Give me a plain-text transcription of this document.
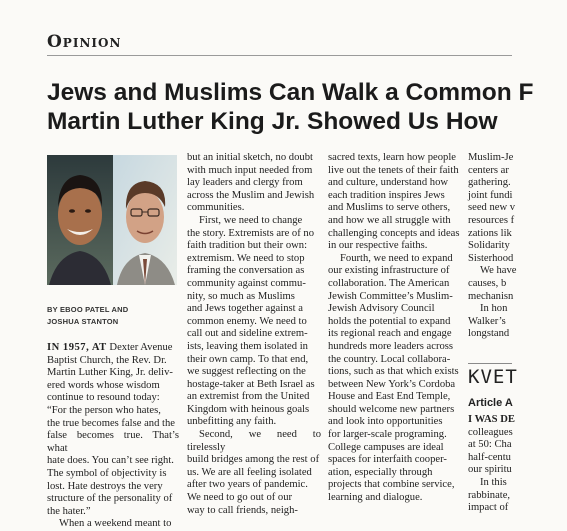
Opinion
Jews and Muslims Can Walk a Common F
Martin Luther King Jr. Showed Us How
BY EBOO PATEL AND
JOSHUA STANTON

IN 1957, AT Dexter Avenue

Baptist Church, the Rev. Dr.

Martin Luther King, Jr. deliv-

ered words whose wisdom

continue to resound today:

“For the person who hates,

the true becomes false and the

false becomes true. That’s what

hate does. You can’t see right.

The symbol of objectivity is

lost. Hate destroys the very

structure of the personality of

the hater.”

When a weekend meant to

but an initial sketch, no doubt

with much input needed from

lay leaders and clergy from

across the Muslim and Jewish

communities.

First, we need to change

the story. Extremists are of no

faith tradition but their own:

extremism. We need to stop

framing the conversation as

community against commu-

nity, so much as Muslims

and Jews together against a

common enemy. We need to

call out and sideline extrem-

ists, leaving them isolated in

their own camp. To that end,

we suggest reflecting on the

hostage-taker at Beth Israel as

an extremist from the United

Kingdom with heinous goals

unbefitting any faith.

Second, we need to tirelessly

build bridges among the rest of

us. We are all feeling isolated

after two years of pandemic.

We need to go out of our

way to call friends, neigh-

sacred texts, learn how people

live out the tenets of their faith

and culture, understand how

each tradition inspires Jews

and Muslims to serve others,

and how we all struggle with

challenging concepts and ideas

in our respective faiths.

Fourth, we need to expand

our existing infrastructure of

collaboration. The American

Jewish Committee’s Muslim-

Jewish Advisory Council

holds the potential to expand

its regional reach and engage

hundreds more leaders across

the country. Local collabora-

tions, such as that which exists

between New York’s Cordoba

House and East End Temple,

should welcome new partners

and look into opportunities

for larger-scale programing.

College campuses are ideal

spaces for interfaith cooper-

ation, especially through

projects that combine service,

learning and dialogue.

Muslim-Je

centers ar

gathering.

joint fundi

seed new v

resources f

zations lik

Solidarity

Sisterhood

We have

causes, b

mechanisn

In hon

Walker’s

longstand

KVET
Article A

I WAS DE

colleagues

at 50: Cha

half-centu

our spiritu

In this

rabbinate,

impact of
